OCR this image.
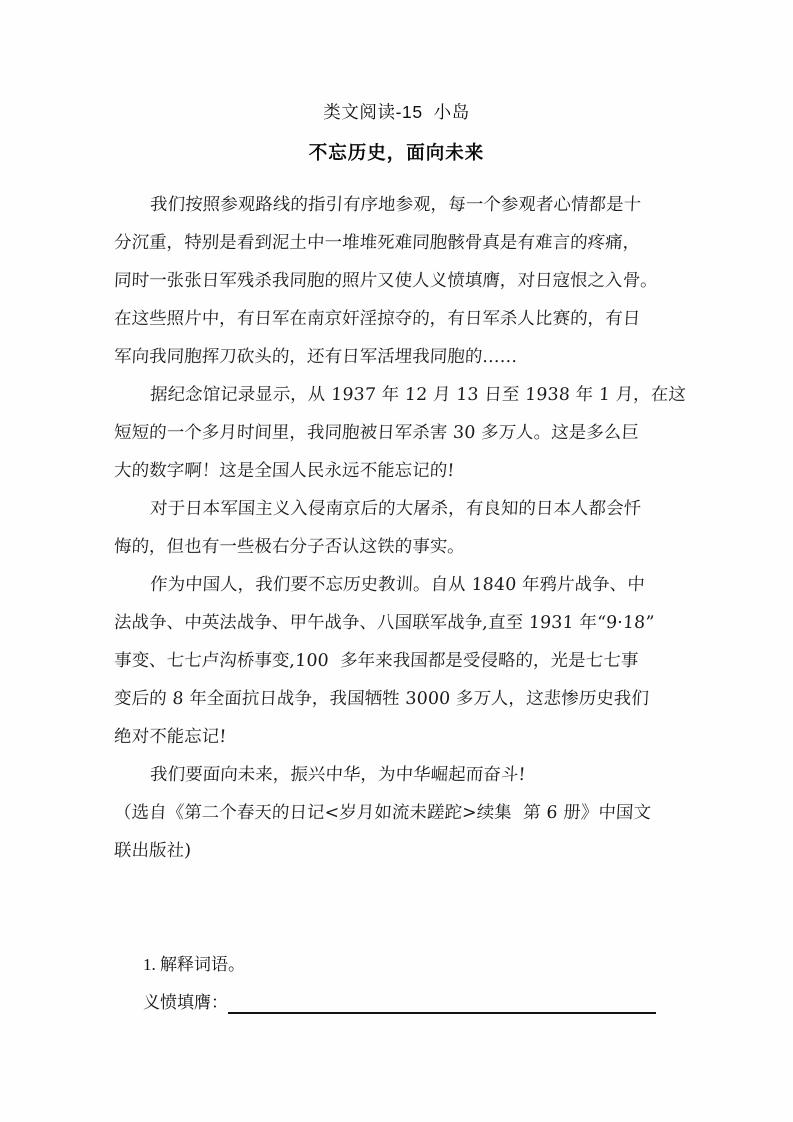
类文阅读-15  小岛
不忘历史，面向未来
我们按照参观路线的指引有序地参观，每一个参观者心情都是十
分沉重，特别是看到泥土中一堆堆死难同胞骸骨真是有难言的疼痛，
同时一张张日军残杀我同胞的照片又使人义愤填膺，对日寇恨之入骨。
在这些照片中，有日军在南京奸淫掠夺的，有日军杀人比赛的，有日
军向我同胞挥刀砍头的，还有日军活埋我同胞的……
据纪念馆记录显示，从 1937 年 12 月 13 日至 1938 年 1 月，在这
短短的一个多月时间里，我同胞被日军杀害 30 多万人。这是多么巨
大的数字啊！这是全国人民永远不能忘记的!
对于日本军国主义入侵南京后的大屠杀，有良知的日本人都会忏
悔的，但也有一些极右分子否认这铁的事实。
作为中国人，我们要不忘历史教训。自从 1840 年鸦片战争、中
法战争、中英法战争、甲午战争、八国联军战争,直至 1931 年“9·18”
事变、七七卢沟桥事变,100  多年来我国都是受侵略的，光是七七事
变后的 8 年全面抗日战争，我国牺牲 3000 多万人，这悲惨历史我们
绝对不能忘记!
我们要面向未来，振兴中华，为中华崛起而奋斗!
（选自《第二个春天的日记<岁月如流未蹉跎>续集  第 6 册》中国文
联出版社)
1. 解释词语。
义愤填膺：
